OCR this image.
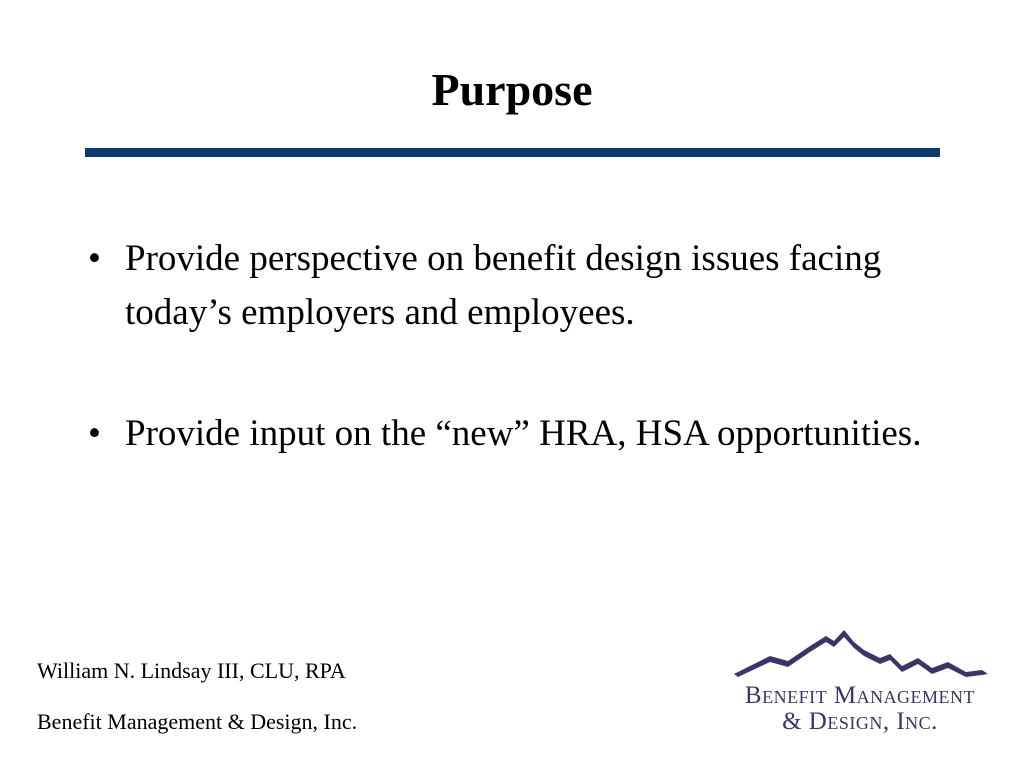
Purpose
• Provide perspective on benefit design issues facing today’s employers and employees.
• Provide input on the “new” HRA, HSA opportunities.
William N. Lindsay III, CLU, RPA
Benefit Management & Design, Inc.
Benefit Management
& Design, Inc.
